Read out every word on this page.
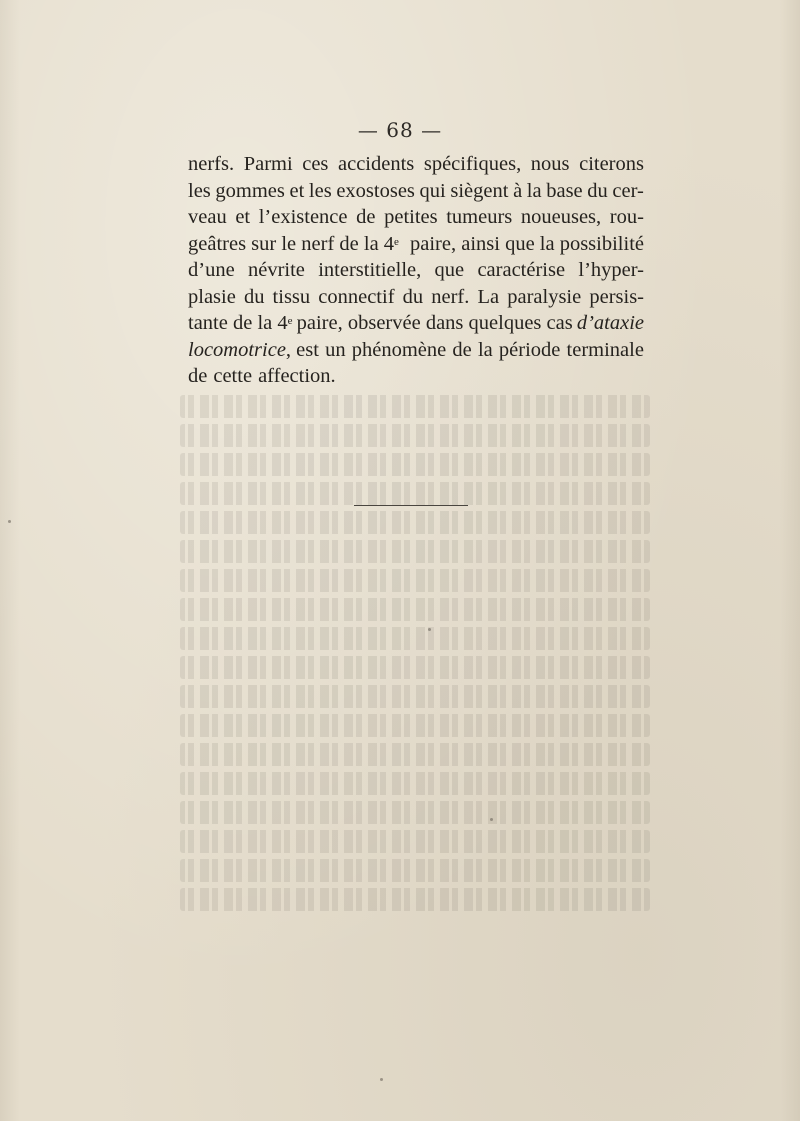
— 68 —
nerfs. Parmi ces accidents spécifiques, nous citerons
les gommes et les exostoses qui siègent à la base du cer-
veau et l’existence de petites tumeurs noueuses, rou-
geâtres sur le nerf de la 4e paire, ainsi que la possibilité
d’une névrite interstitielle, que caractérise l’hyper-
plasie du tissu connectif du nerf. La paralysie persis-
tante de la 4e paire, observée dans quelques cas d’ataxie
locomotrice, est un phénomène de la période terminale
de cette affection.
